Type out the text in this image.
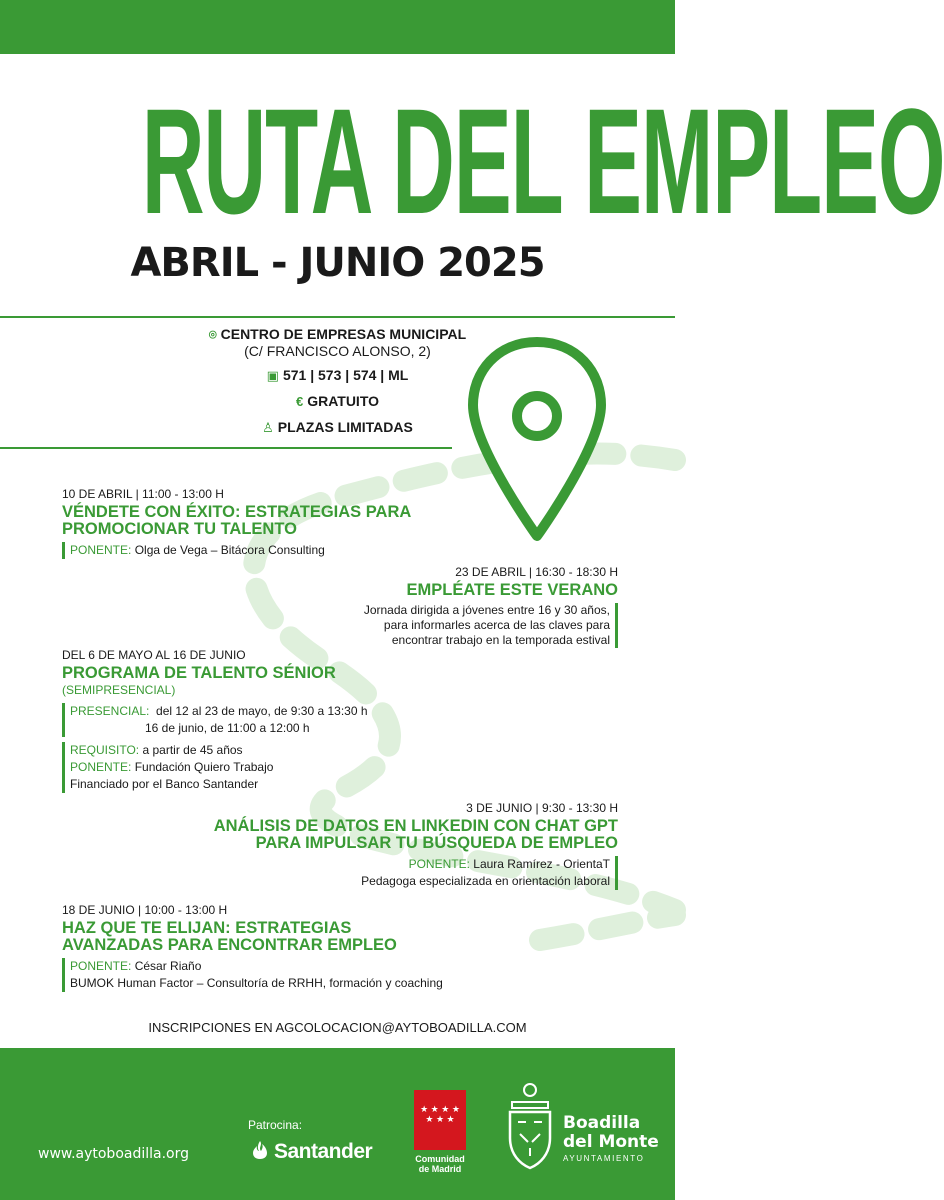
RUTA DEL EMPLEO
ABRIL - JUNIO 2025
⌾ CENTRO DE EMPRESAS MUNICIPAL
(C/ FRANCISCO ALONSO, 2)
▣ 571 | 573 | 574 | ML
€ GRATUITO
♙ PLAZAS LIMITADAS
10 DE ABRIL | 11:00 - 13:00 H
VÉNDETE CON ÉXITO: ESTRATEGIAS PARA
PROMOCIONAR TU TALENTO
PONENTE: Olga de Vega – Bitácora Consulting
23 DE ABRIL | 16:30 - 18:30 H
EMPLÉATE ESTE VERANO
Jornada dirigida a jóvenes entre 16 y 30 años,
para informarles acerca de las claves para
encontrar trabajo en la temporada estival
DEL 6 DE MAYO AL 16 DE JUNIO
PROGRAMA DE TALENTO SÉNIOR
(SEMIPRESENCIAL)
PRESENCIAL: del 12 al 23 de mayo, de 9:30 a 13:30 h
16 de junio, de 11:00 a 12:00 h
REQUISITO: a partir de 45 años
PONENTE: Fundación Quiero Trabajo
Financiado por el Banco Santander
3 DE JUNIO | 9:30 - 13:30 H
ANÁLISIS DE DATOS EN LINKEDIN CON CHAT GPT
PARA IMPULSAR TU BÚSQUEDA DE EMPLEO
PONENTE: Laura Ramírez - OrientaT
Pedagoga especializada en orientación laboral
18 DE JUNIO | 10:00 - 13:00 H
HAZ QUE TE ELIJAN: ESTRATEGIAS
AVANZADAS PARA ENCONTRAR EMPLEO
PONENTE: César Riaño
BUMOK Human Factor – Consultoría de RRHH, formación y coaching
INSCRIPCIONES EN AGCOLOCACION@AYTOBOADILLA.COM
www.aytoboadilla.org
Patrocina:
Santander
★ ★ ★ ★
★ ★ ★
Comunidad
de Madrid
Boadilla
del Monte
AYUNTAMIENTO
